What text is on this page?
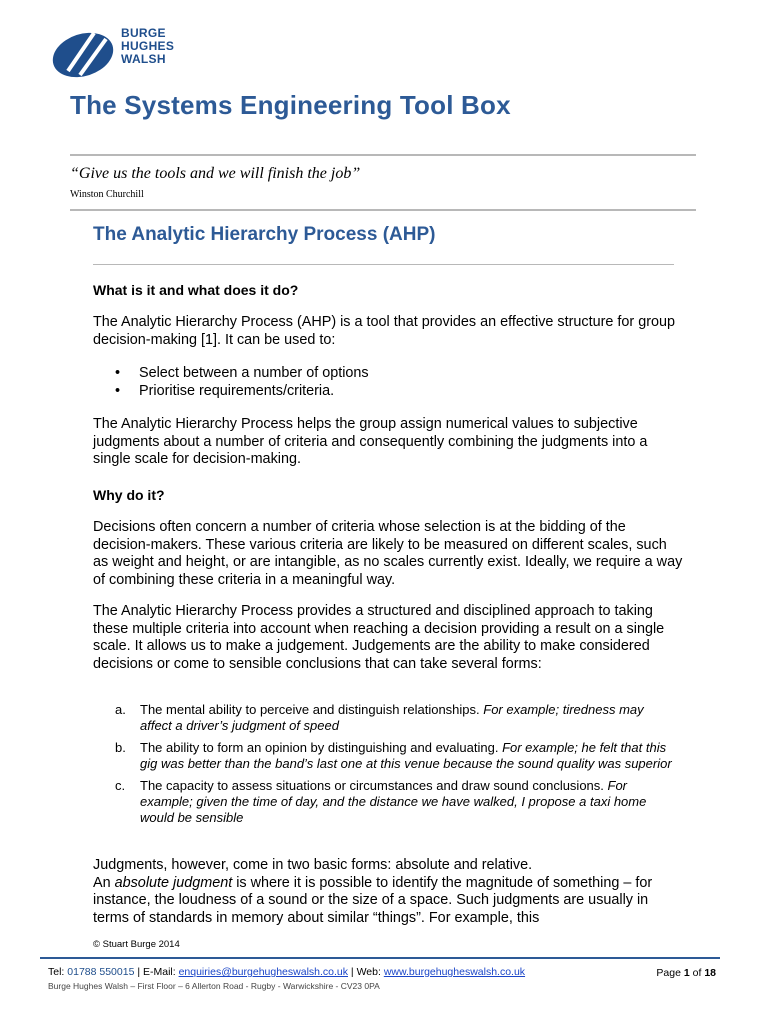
BURGE
HUGHES
WALSH
The Systems Engineering Tool Box
“Give us the tools and we will finish the job”
Winston Churchill
The Analytic Hierarchy Process (AHP)
What is it and what does it do?
The Analytic Hierarchy Process (AHP) is a tool that provides an effective structure for group decision-making [1]. It can be used to:
• Select between a number of options
• Prioritise requirements/criteria.
The Analytic Hierarchy Process helps the group assign numerical values to subjective judgments about a number of criteria and consequently combining the judgments into a single scale for decision-making.
Why do it?
Decisions often concern a number of criteria whose selection is at the bidding of the decision-makers. These various criteria are likely to be measured on different scales, such as weight and height, or are intangible, as no scales currently exist. Ideally, we require a way of combining these criteria in a meaningful way.
The Analytic Hierarchy Process provides a structured and disciplined approach to taking these multiple criteria into account when reaching a decision providing a result on a single scale. It allows us to make a judgement. Judgements are the ability to make considered decisions or come to sensible conclusions that can take several forms:
a. The mental ability to perceive and distinguish relationships. For example; tiredness may affect a driver’s judgment of speed
b. The ability to form an opinion by distinguishing and evaluating. For example; he felt that this gig was better than the band’s last one at this venue because the sound quality was superior
c. The capacity to assess situations or circumstances and draw sound conclusions. For example; given the time of day, and the distance we have walked, I propose a taxi home would be sensible
Judgments, however, come in two basic forms: absolute and relative.
An absolute judgment is where it is possible to identify the magnitude of something – for instance, the loudness of a sound or the size of a space. Such judgments are usually in terms of standards in memory about similar “things”. For example, this
© Stuart Burge 2014
Tel: 01788 550015 | E-Mail: enquiries@burgehugheswalsh.co.uk | Web: www.burgehugheswalsh.co.uk
Burge Hughes Walsh – First Floor – 6 Allerton Road - Rugby - Warwickshire - CV23 0PA
Page 1 of 18
